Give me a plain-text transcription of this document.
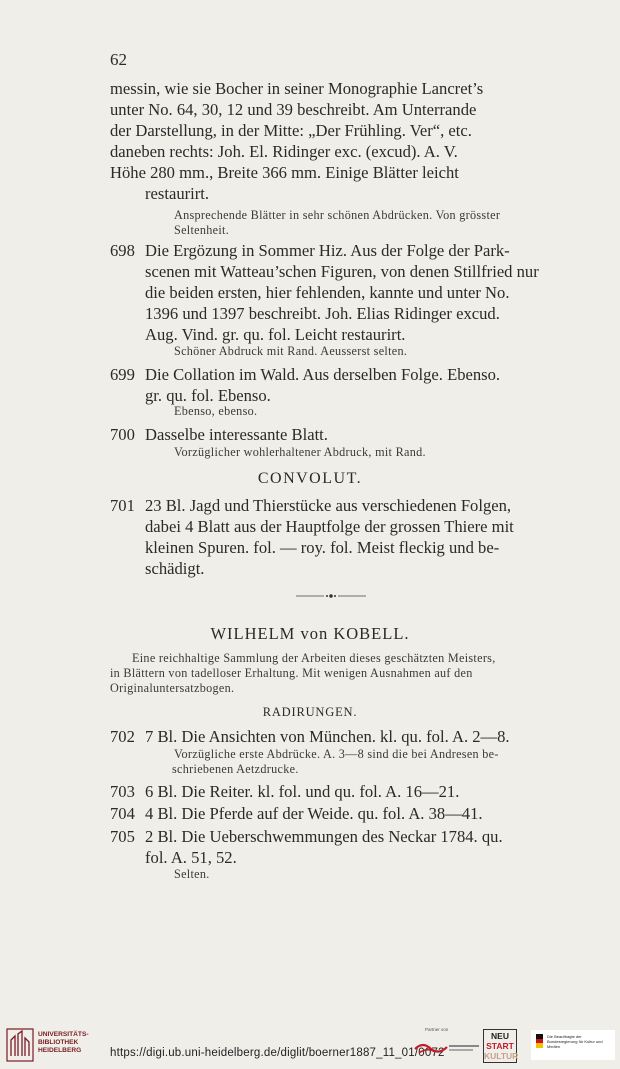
62
messin, wie sie Bocher in seiner Monographie Lancret’s
unter No. 64, 30, 12 und 39 beschreibt. Am Unterrande
der Darstellung, in der Mitte: „Der Frühling. Ver“, etc.
daneben rechts: Joh. El. Ridinger exc. (excud). A. V.
Höhe 280 mm., Breite 366 mm. Einige Blätter leicht
restaurirt.
Ansprechende Blätter in sehr schönen Abdrücken. Von grösster
Seltenheit.
698 Die Ergözung in Sommer Hiz. Aus der Folge der Park-
scenen mit Watteau’schen Figuren, von denen Stillfried nur
die beiden ersten, hier fehlenden, kannte und unter No.
1396 und 1397 beschreibt. Joh. Elias Ridinger excud.
Aug. Vind. gr. qu. fol. Leicht restaurirt.
Schöner Abdruck mit Rand. Aeusserst selten.
699 Die Collation im Wald. Aus derselben Folge. Ebenso.
gr. qu. fol. Ebenso.
Ebenso, ebenso.
700 Dasselbe interessante Blatt.
Vorzüglicher wohlerhaltener Abdruck, mit Rand.
CONVOLUT.
701 23 Bl. Jagd und Thierstücke aus verschiedenen Folgen,
dabei 4 Blatt aus der Hauptfolge der grossen Thiere mit
kleinen Spuren. fol. — roy. fol. Meist fleckig und be-
schädigt.
WILHELM von KOBELL.
Eine reichhaltige Sammlung der Arbeiten dieses geschätzten Meisters,
in Blättern von tadelloser Erhaltung. Mit wenigen Ausnahmen auf den
Originaluntersatzbogen.
RADIRUNGEN.
702 7 Bl. Die Ansichten von München. kl. qu. fol. A. 2—8.
Vorzügliche erste Abdrücke. A. 3—8 sind die bei Andresen be-
schriebenen Aetzdrucke.
703 6 Bl. Die Reiter. kl. fol. und qu. fol. A. 16—21.
704 4 Bl. Die Pferde auf der Weide. qu. fol. A. 38—41.
705 2 Bl. Die Ueberschwemmungen des Neckar 1784. qu.
fol. A. 51, 52.
Selten.
UNIVERSITÄTS-
BIBLIOTHEK
HEIDELBERG	https://digi.ub.uni-heidelberg.de/diglit/boerner1887_11_01/0072
Partner von
NEU
START
KULTUR
Die Beauftragte der Bundesregierung für Kultur und Medien
